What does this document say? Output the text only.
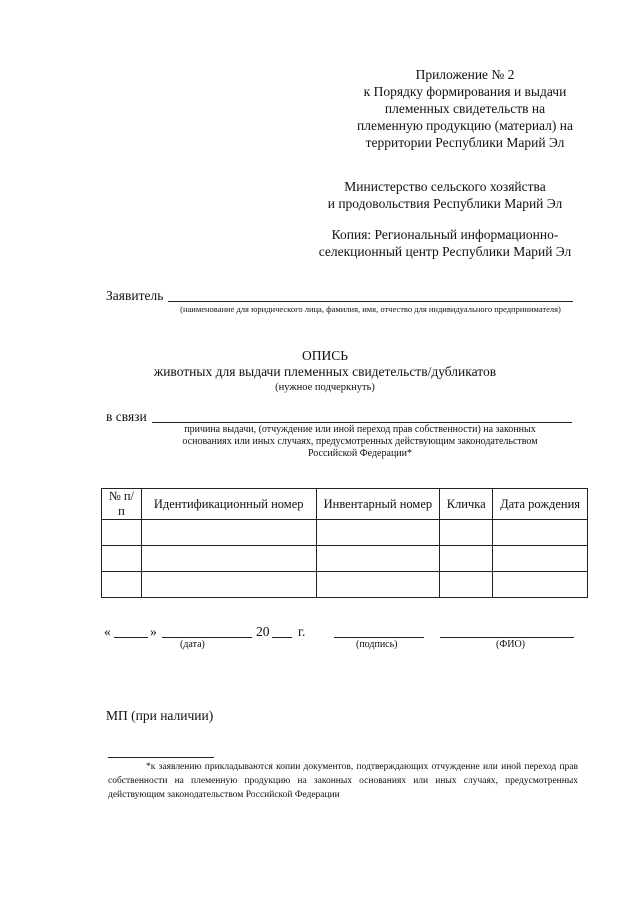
Приложение № 2
к Порядку формирования и выдачи
племенных свидетельств на
племенную продукцию (материал) на
территории Республики Марий Эл
Министерство сельского хозяйства
и продовольствия Республики Марий Эл
Копия: Региональный информационно-
селекционный центр Республики Марий Эл
Заявитель
(наименование для юридического лица, фамилия, имя, отчество для индивидуального предпринимателя)
ОПИСЬ
животных для выдачи племенных свидетельств/дубликатов
(нужное подчеркнуть)
в связи
причина выдачи, (отчуждение или иной переход прав собственности) на законных
основаниях или иных случаях, предусмотренных действующим законодательством
Российской Федерации*
№ п/п	Идентификационный номер	Инвентарный номер	Кличка	Дата рождения

«	»	20 г.
(дата)	(подпись)	(ФИО)
МП (при наличии)
*к заявлению прикладываются копии документов, подтверждающих отчуждение или иной переход прав собственности на племенную продукцию на законных основаниях или иных случаях, предусмотренных действующим законодательством Российской Федерации
